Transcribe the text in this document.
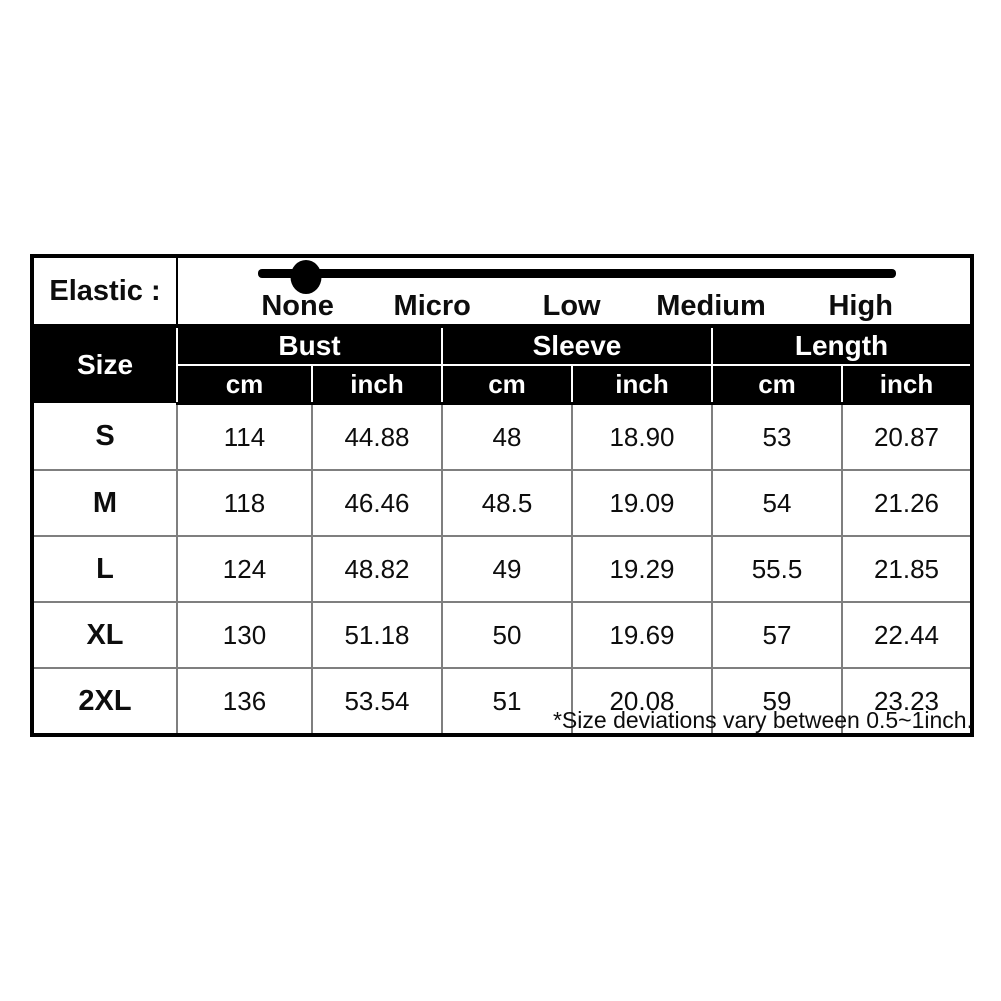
Elastic :	None Micro Low Medium High					

Size	Bust		Sleeve		Length	
	cm	inch	cm	inch	cm	inch
S	114	44.88	48	18.90	53	20.87
M	118	46.46	48.5	19.09	54	21.26
L	124	48.82	49	19.29	55.5	21.85
XL	130	51.18	50	19.69	57	22.44
2XL	136	53.54	51	20.08	59	23.23
*Size deviations vary between 0.5~1inch.
